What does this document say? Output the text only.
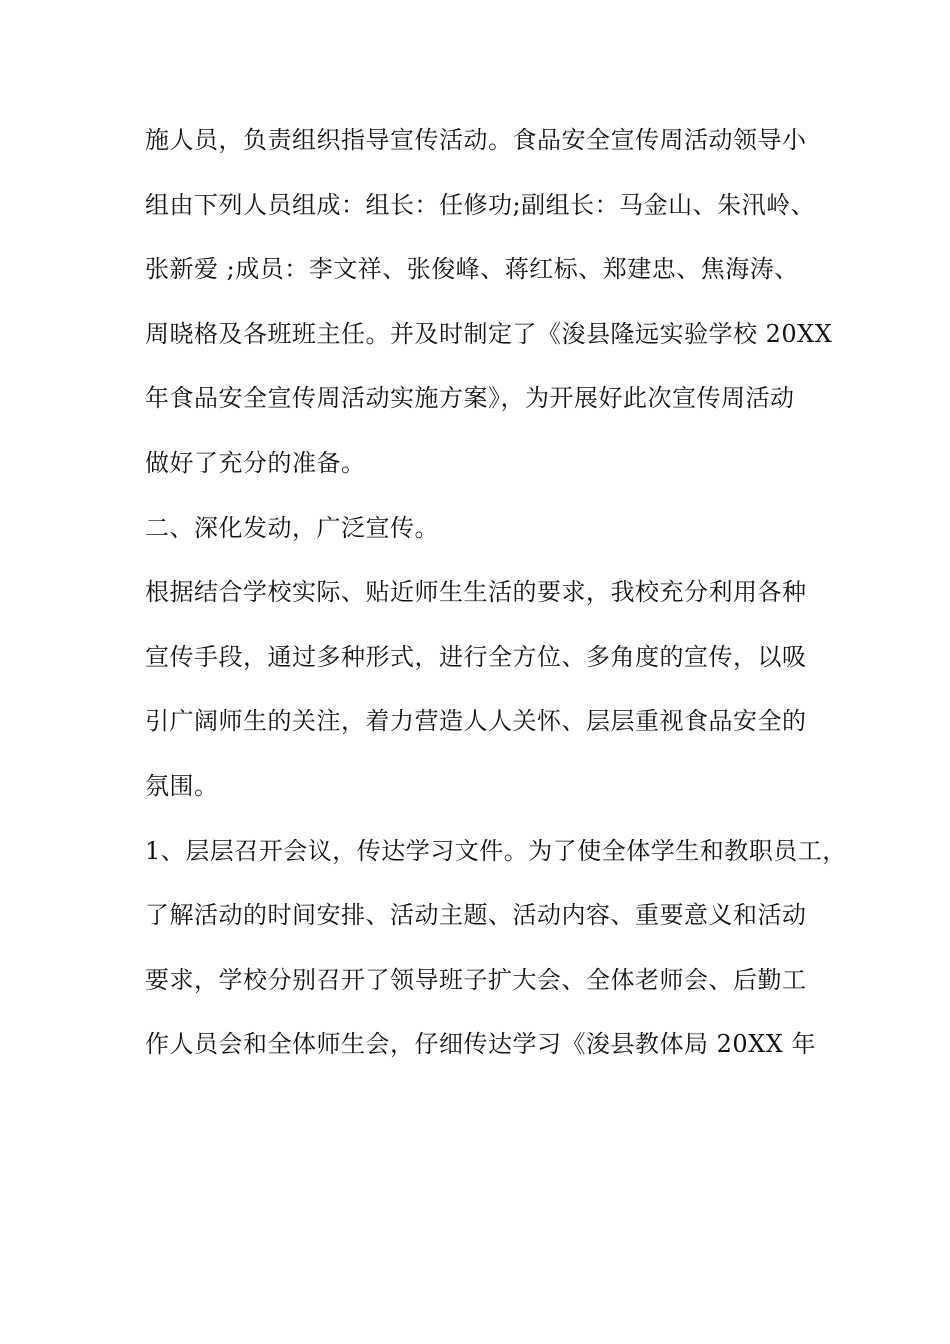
施人员，负责组织指导宣传活动。食品安全宣传周活动领导小
组由下列人员组成：组长：任修功;副组长：马金山、朱汛岭、
张新爱 ;成员：李文祥、张俊峰、蒋红标、郑建忠、焦海涛、
周晓格及各班班主任。并及时制定了《浚县隆远实验学校 20XX
年食品安全宣传周活动实施方案》，为开展好此次宣传周活动
做好了充分的准备。
二、深化发动，广泛宣传。
根据结合学校实际、贴近师生生活的要求，我校充分利用各种
宣传手段，通过多种形式，进行全方位、多角度的宣传，以吸
引广阔师生的关注，着力营造人人关怀、层层重视食品安全的
氛围。
1、层层召开会议，传达学习文件。为了使全体学生和教职员工，
了解活动的时间安排、活动主题、活动内容、重要意义和活动
要求，学校分别召开了领导班子扩大会、全体老师会、后勤工
作人员会和全体师生会，仔细传达学习《浚县教体局 20XX 年
